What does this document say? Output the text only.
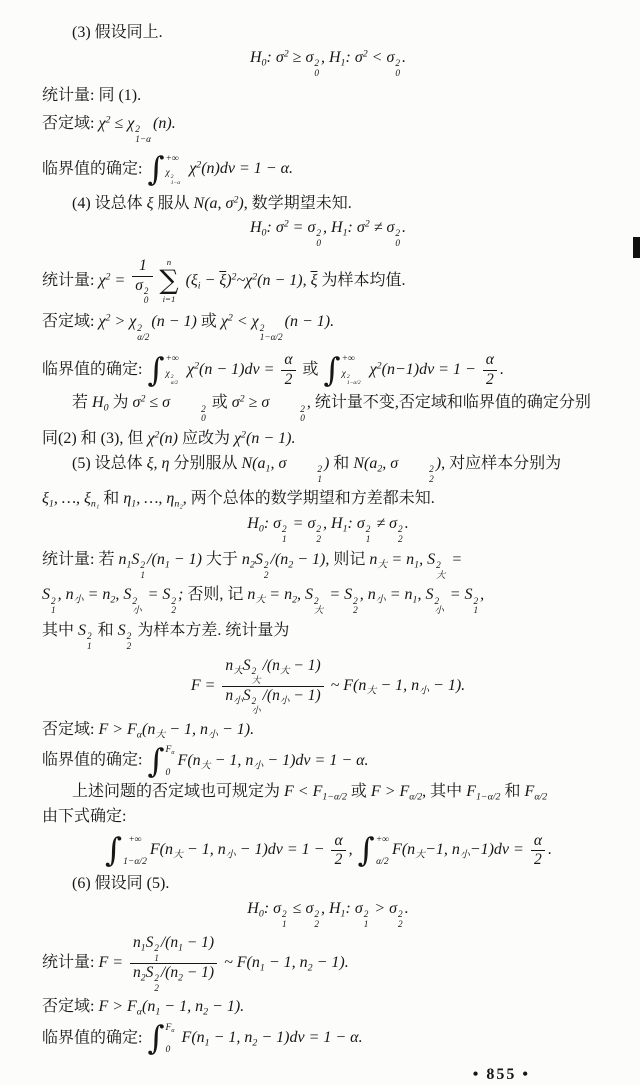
(3) 假设同上.
$H_0$: $\sigma^2 \ge \sigma$ 2
0
, $H_1$: $\sigma^2 < \sigma$ 2
0
.
统计量: 同 (1).
否定域: $\chi^2 \le \chi$ 2
1−α
(n).
临界值的确定: ∫ +∞
χ 2
1−α
$\chi^2(n)dv = 1 - \alpha$.
(4) 设总体 ξ 服从 N(a, $\sigma^2$), 数学期望未知.
$H_0$: $\sigma^2 = \sigma$ 2
0
, $H_1$: $\sigma^2 \ne \sigma$ 2
0
.
统计量: $\chi^2 = 1$
σ 2
0 n
∑
i=1
($\xi_i$ − $\overline{\xi})^2\sim\chi^2(n - 1)$, $\overline{\xi}$ 为样本均值.
否定域: $\chi^2 > \chi$ 2
α/2
(n − 1) 或 $\chi^2 < \chi$ 2
1−α/2
(n − 1).
临界值的确定: ∫ +∞
χ 2
α/2
$\chi^2(n - 1)dv = \frac{\alpha}{2}$ 或 ∫ +∞
χ 2
1−α/2
$\chi^2(n-1)dv = 1 - \frac{\alpha}{2}$ .
若 $H_0$ 为 $\sigma^2 \le \sigma$	2
0
或 $\sigma^2 \ge \sigma$	2
0
, 统计量不变,否定域和临界值的确定分别
同(2) 和 (3), 但 $\chi^2(n)$ 应改为 $\chi^2(n - 1)$.
(5) 设总体 ξ, η 分别服从 $N(a_1$, σ	2
1
) 和 $N(a_2$, σ	2
2
), 对应样本分别为
$\xi_1$, …, $\xi_{n_1}$ 和 $\eta_1$, …, $\eta_{n_2}$, 两个总体的数学期望和方差都未知.
$H_0$: σ 2
1
= σ 2
2
, $H_1$: σ 2
1
≠ σ 2
2
.
统计量: 若 $n_1S$ 2
1
$/(n_1 - 1)$ 大于 $n_2S$ 2
2
$/(n_2 - 1)$, 则记 $n_大 = n_1$, S 2
大
=
S 2
1
, $n_小 = n_2$, S 2
小
= S 2
2
; 否则, 记 $n_大 = n_2$, S 2
大
= S 2
2
, $n_小 = n_1$, S 2
小
= S 2
1
,
其中 S 2
1
和 S 2
2
为样本方差. 统计量为
$F = n_大S$ 2
大
$/(n_大 - 1)$
$n_小S$ 2
小
$/(n_小 - 1)$ ~ $F(n_大 - 1$, $n_小 - 1$).
否定域: $F > F_\alpha(n_大 - 1$, $n_小 - 1$).
临界值的确定: ∫ $F_\alpha$
0
$F(n_大 - 1$, $n_小 - 1)dv = 1 - \alpha$.
上述问题的否定域也可规定为 $F < F_{1-\alpha/2}$ 或 $F > F_{\alpha/2}$, 其中 $F_{1-\alpha/2}$ 和 $F_{\alpha/2}$
由下式确定:
∫ +∞
1−α/2
$F(n_大 - 1$, $n_小 - 1)dv = 1 - \frac{\alpha}{2}$ , ∫ +∞
α/2
$F(n_大-1$, $n_小-1)dv = \frac{\alpha}{2}$ .
(6) 假设同 (5).
$H_0$: σ 2
1
≤ σ 2
2
, $H_1$: σ 2
1
> σ 2
2
.
统计量: $F = n_1S$ 2
1
$/(n_1 - 1)$
$n_2S$ 2
2
$/(n_2 - 1)$ ~ $F(n_1 - 1$, $n_2 - 1$).
否定域: $F > F_\alpha(n_1 - 1$, $n_2 - 1$).
临界值的确定: ∫ $F_\alpha$
0
$F(n_1 - 1$, $n_2 - 1)dv = 1 - \alpha$.
• 855 •
